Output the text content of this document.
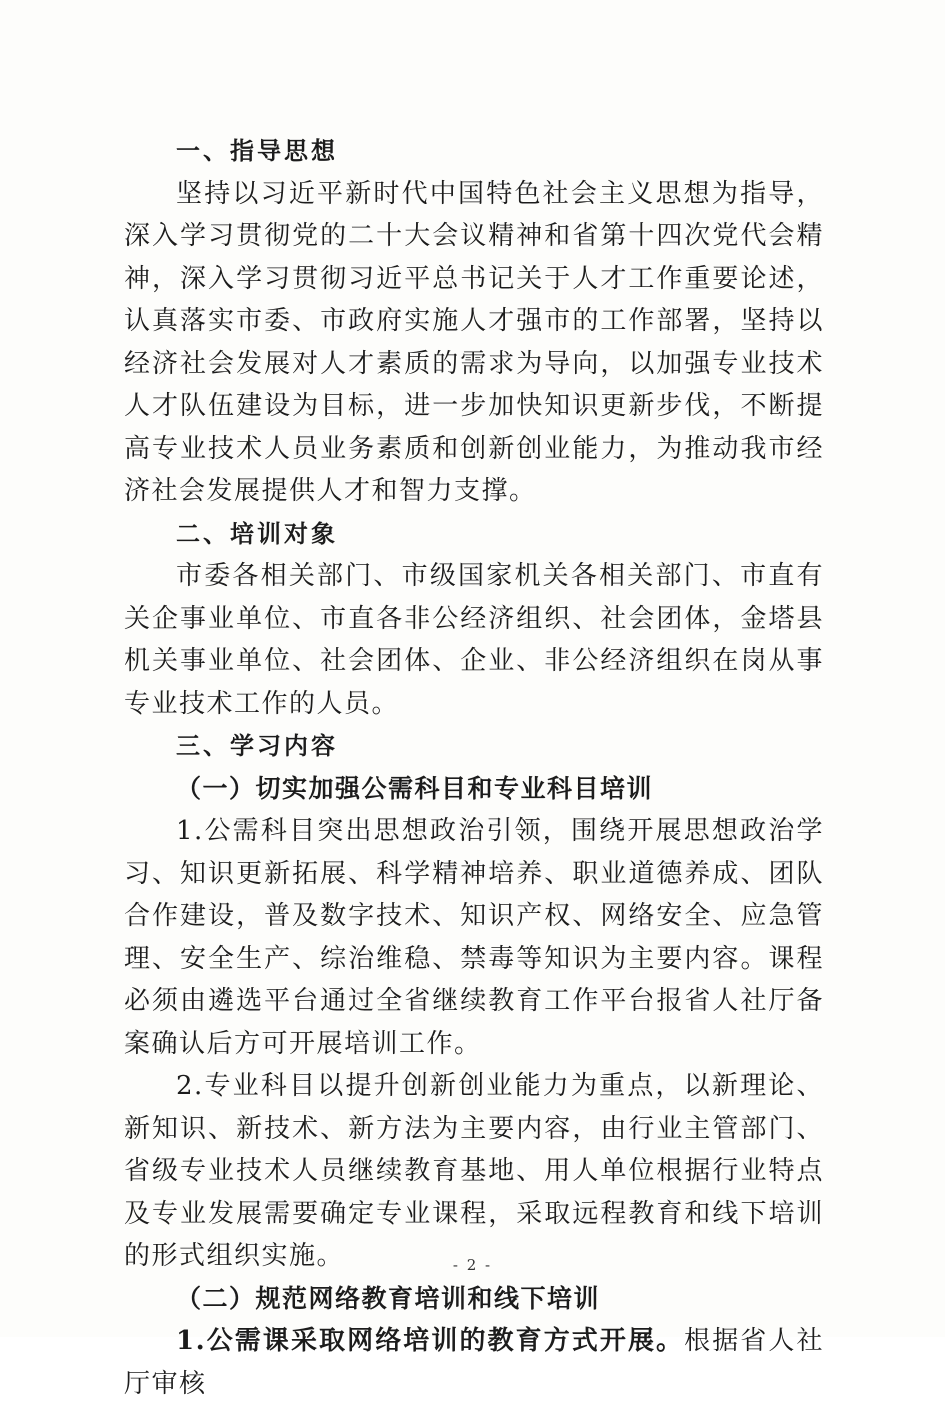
一、指导思想

坚持以习近平新时代中国特色社会主义思想为指导，深入学习贯彻党的二十大会议精神和省第十四次党代会精神，深入学习贯彻习近平总书记关于人才工作重要论述，认真落实市委、市政府实施人才强市的工作部署，坚持以经济社会发展对人才素质的需求为导向，以加强专业技术人才队伍建设为目标，进一步加快知识更新步伐，不断提高专业技术人员业务素质和创新创业能力，为推动我市经济社会发展提供人才和智力支撑。

二、培训对象

市委各相关部门、市级国家机关各相关部门、市直有关企事业单位、市直各非公经济组织、社会团体，金塔县机关事业单位、社会团体、企业、非公经济组织在岗从事专业技术工作的人员。

三、学习内容

（一）切实加强公需科目和专业科目培训

1.公需科目突出思想政治引领，围绕开展思想政治学习、知识更新拓展、科学精神培养、职业道德养成、团队合作建设，普及数字技术、知识产权、网络安全、应急管理、安全生产、综治维稳、禁毒等知识为主要内容。课程必须由遴选平台通过全省继续教育工作平台报省人社厅备案确认后方可开展培训工作。

2.专业科目以提升创新创业能力为重点，以新理论、新知识、新技术、新方法为主要内容，由行业主管部门、省级专业技术人员继续教育基地、用人单位根据行业特点及专业发展需要确定专业课程，采取远程教育和线下培训的形式组织实施。

（二）规范网络教育培训和线下培训

1.公需课采取网络培训的教育方式开展。根据省人社厅审核

- 2 -
